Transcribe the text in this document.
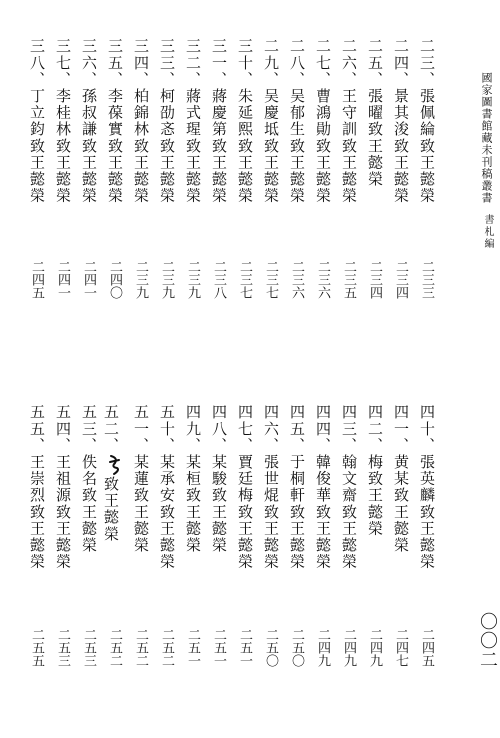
國家圖書館藏未刊稿叢書
書札編
〇〇二
二三、張佩綸致王懿榮
二三三
二四、景其浚致王懿榮
二三四
二五、張曜致王懿榮
二三四
二六、王守訓致王懿榮
二三五
二七、曹鴻勛致王懿榮
二三六
二八、吴郁生致王懿榮
二三六
二九、吴慶坻致王懿榮
二三七
三十、朱延熙致王懿榮
二三七
三一、蔣慶第致王懿榮
二三八
三二、蔣式瑆致王懿榮
二三九
三三、柯劭忞致王懿榮
二三九
三四、柏錦林致王懿榮
二三九
三五、李葆實致王懿榮
二四〇
三六、孫叔謙致王懿榮
二四一
三七、李桂林致王懿榮
二四一
三八、丁立鈞致王懿榮
二四五
四十、張英麟致王懿榮
二四五
四一、黄某致王懿榮
二四七
四二、梅致王懿榮
二四九
四三、翰文齋致王懿榮
二四九
四四、韓俊華致王懿榮
二四九
四五、于桐軒致王懿榮
二五〇
四六、張世焜致王懿榮
二五〇
四七、賈廷梅致王懿榮
二五一
四八、某駿致王懿榮
二五一
四九、某桓致王懿榮
二五一
五十、某承安致王懿榮
二五二
五一、某蓮致王懿榮
二五二
五二、致王懿榮
二五二
五三、佚名致王懿榮
二五三
五四、王祖源致王懿榮
二五三
五五、王崇烈致王懿榮
二五五
